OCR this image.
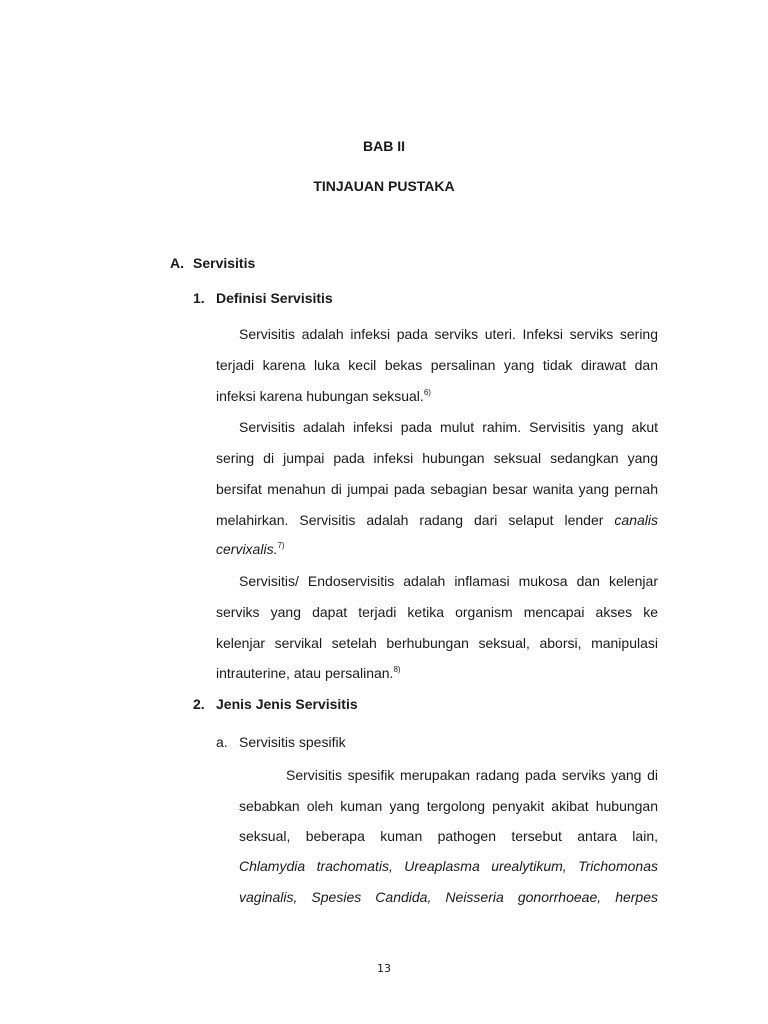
BAB II
TINJAUAN PUSTAKA
A. Servisitis
1. Definisi Servisitis
Servisitis adalah infeksi pada serviks uteri. Infeksi serviks sering
terjadi karena luka kecil bekas persalinan yang tidak dirawat dan
infeksi karena hubungan seksual.$^{6)}$
Servisitis adalah infeksi pada mulut rahim. Servisitis yang akut
sering di jumpai pada infeksi hubungan seksual sedangkan yang
bersifat menahun di jumpai pada sebagian besar wanita yang pernah
melahirkan. Servisitis adalah radang dari selaput lender canalis
cervixalis.$^{7)}$
Servisitis/ Endoservisitis adalah inflamasi mukosa dan kelenjar
serviks yang dapat terjadi ketika organism mencapai akses ke
kelenjar servikal setelah berhubungan seksual, aborsi, manipulasi
intrauterine, atau persalinan.$^{8)}$
2. Jenis Jenis Servisitis
a. Servisitis spesifik
Servisitis spesifik merupakan radang pada serviks yang di
sebabkan oleh kuman yang tergolong penyakit akibat hubungan
seksual, beberapa kuman pathogen tersebut antara lain,
Chlamydia trachomatis, Ureaplasma urealytikum, Trichomonas
vaginalis, Spesies Candida, Neisseria gonorrhoeae, herpes
13
